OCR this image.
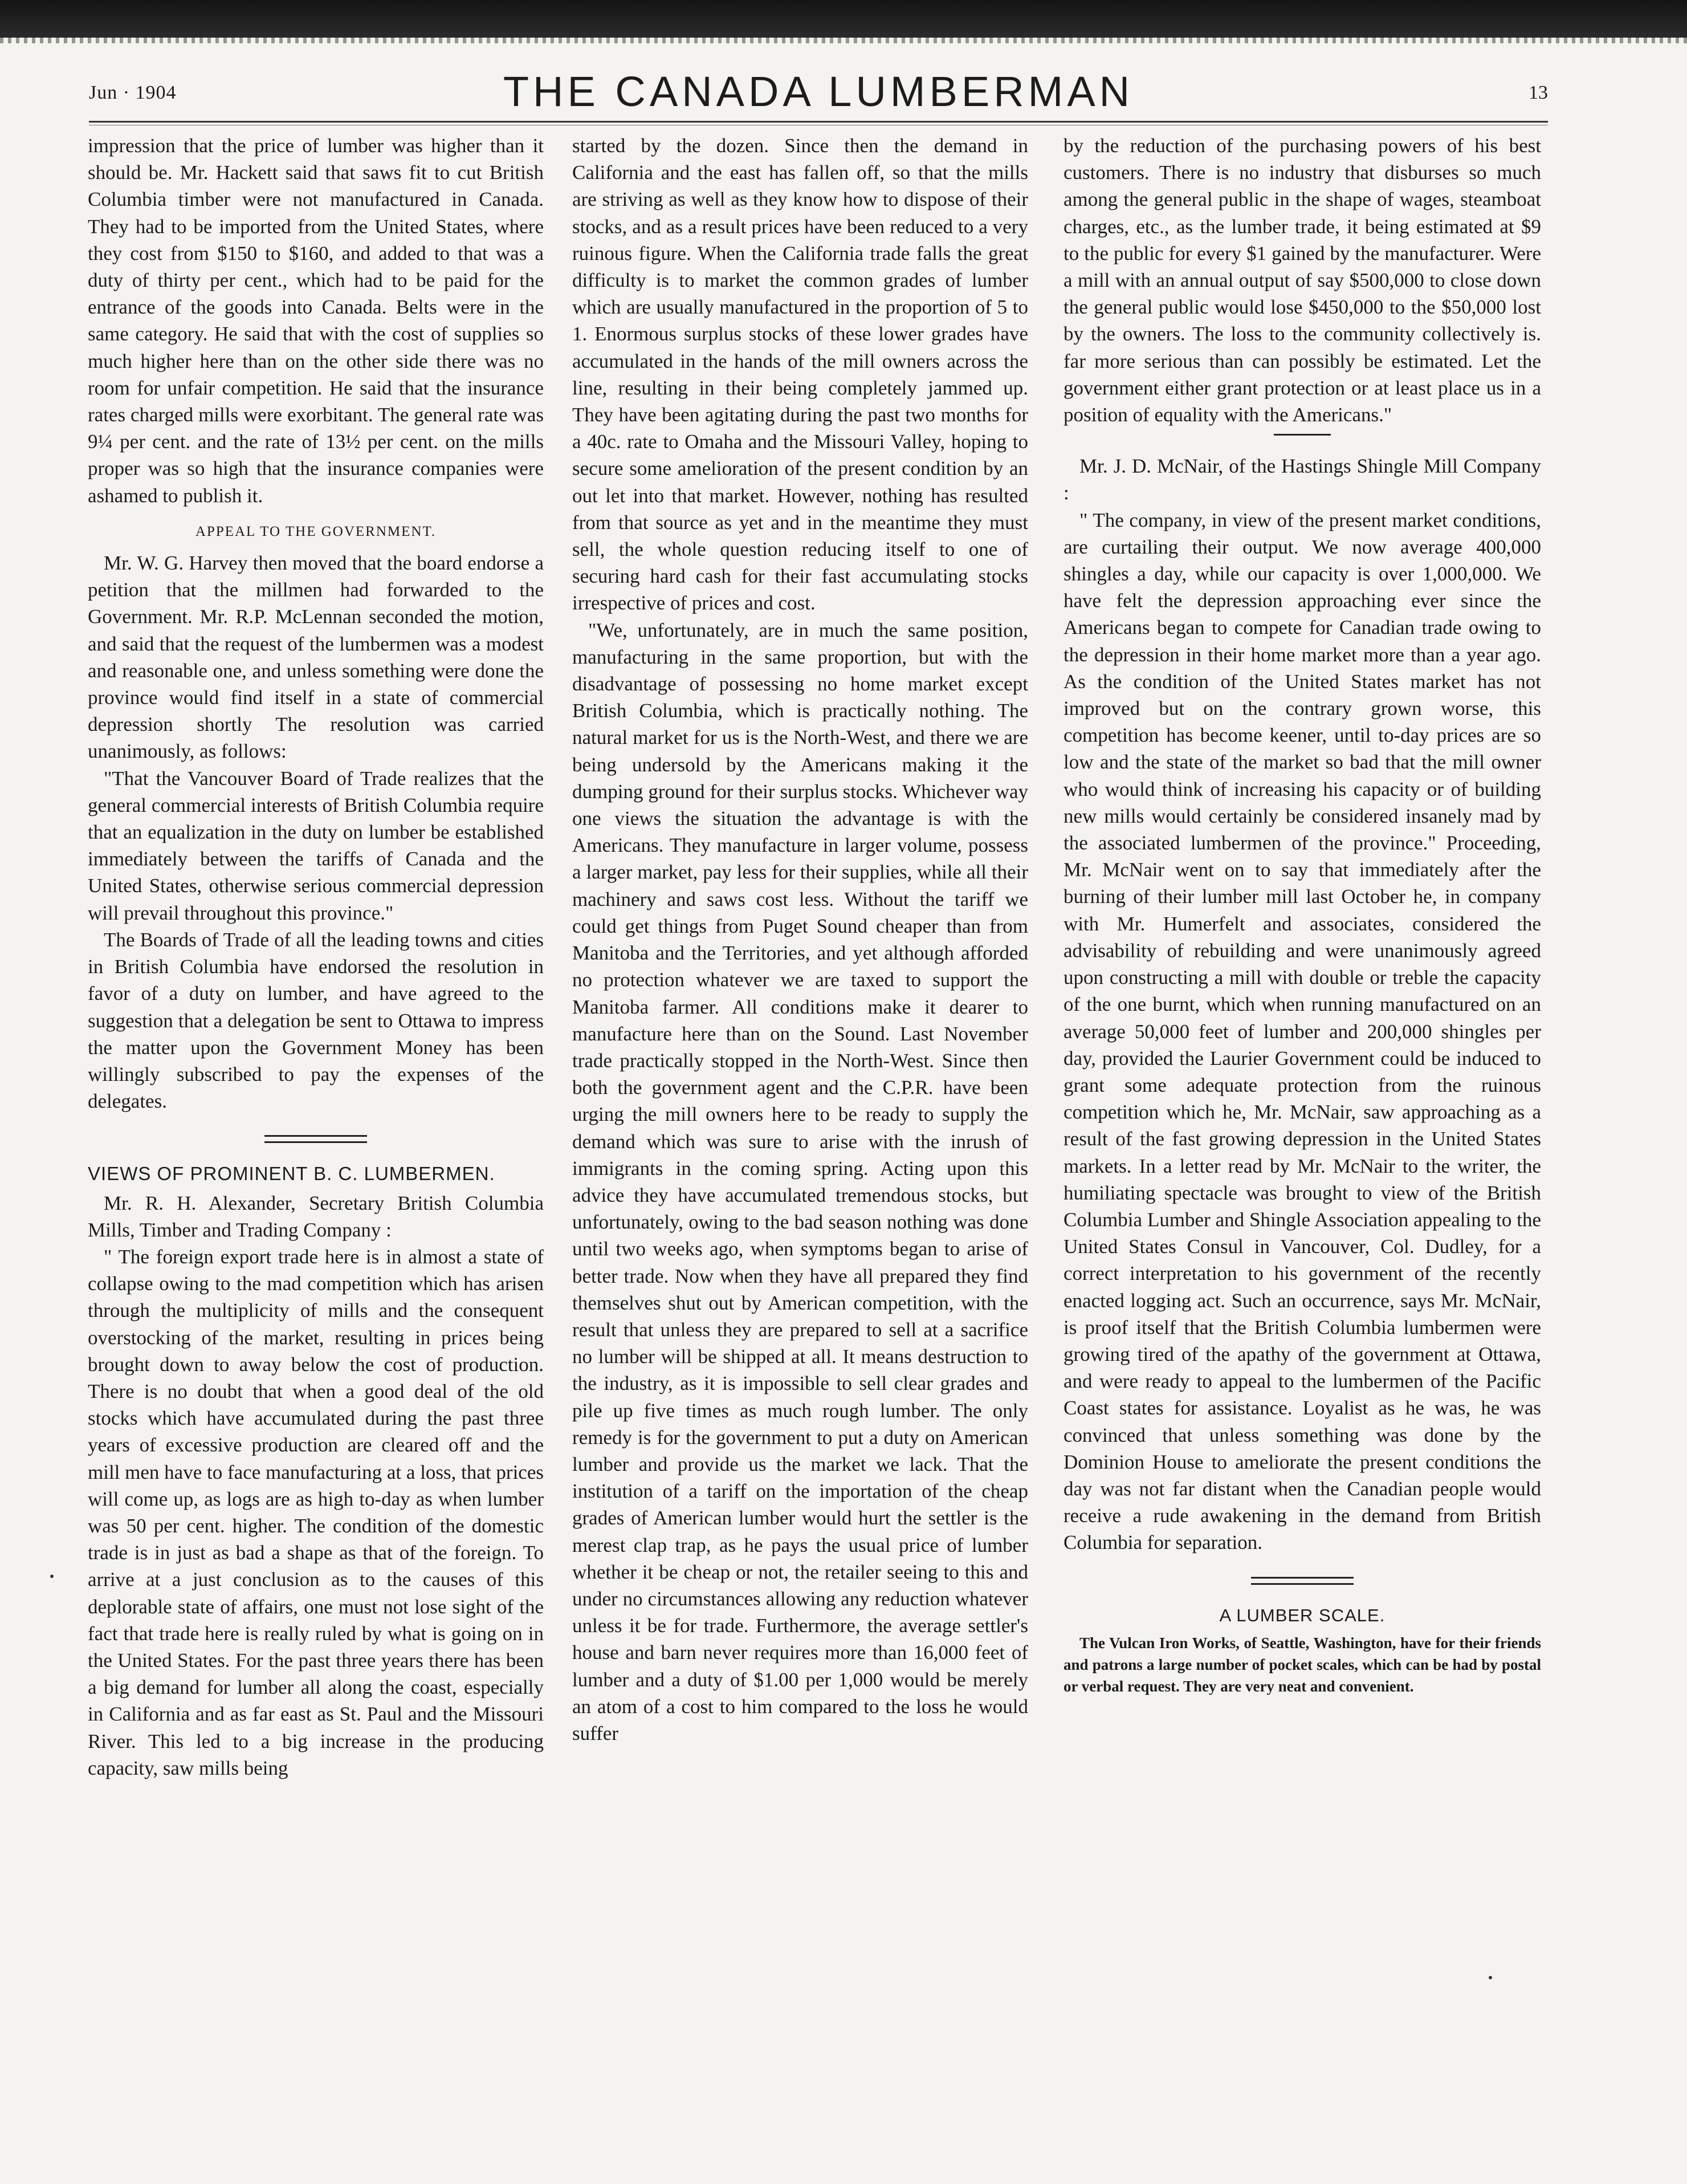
Jun · 1904	THE CANADA LUMBERMAN	13

impression that the price of lumber was higher than it should be. Mr. Hackett said that saws fit to cut British Columbia timber were not manufactured in Canada. They had to be imported from the United States, where they cost from $150 to $160, and added to that was a duty of thirty per cent., which had to be paid for the entrance of the goods into Canada. Belts were in the same category. He said that with the cost of supplies so much higher here than on the other side there was no room for unfair competition. He said that the insurance rates charged mills were exorbitant. The general rate was 9¼ per cent. and the rate of 13½ per cent. on the mills proper was so high that the insurance companies were ashamed to publish it.

APPEAL TO THE GOVERNMENT.

Mr. W. G. Harvey then moved that the board endorse a petition that the millmen had forwarded to the Government. Mr. R.P. McLennan seconded the motion, and said that the request of the lumbermen was a modest and reasonable one, and unless something were done the province would find itself in a state of commercial depression shortly The resolution was carried unanimously, as follows:

"That the Vancouver Board of Trade realizes that the general commercial interests of British Columbia require that an equalization in the duty on lumber be established immediately between the tariffs of Canada and the United States, otherwise serious commercial depression will prevail throughout this province."

The Boards of Trade of all the leading towns and cities in British Columbia have endorsed the resolution in favor of a duty on lumber, and have agreed to the suggestion that a delegation be sent to Ottawa to impress the matter upon the Government Money has been willingly subscribed to pay the expenses of the delegates.

VIEWS OF PROMINENT B. C. LUMBERMEN.

Mr. R. H. Alexander, Secretary British Columbia Mills, Timber and Trading Company :

" The foreign export trade here is in almost a state of collapse owing to the mad competition which has arisen through the multiplicity of mills and the consequent overstocking of the market, resulting in prices being brought down to away below the cost of production. There is no doubt that when a good deal of the old stocks which have accumulated during the past three years of excessive production are cleared off and the mill men have to face manufacturing at a loss, that prices will come up, as logs are as high to-day as when lumber was 50 per cent. higher. The condition of the domestic trade is in just as bad a shape as that of the foreign. To arrive at a just conclusion as to the causes of this deplorable state of affairs, one must not lose sight of the fact that trade here is really ruled by what is going on in the United States. For the past three years there has been a big demand for lumber all along the coast, especially in California and as far east as St. Paul and the Missouri River. This led to a big increase in the producing capacity, saw mills being

started by the dozen. Since then the demand in California and the east has fallen off, so that the mills are striving as well as they know how to dispose of their stocks, and as a result prices have been reduced to a very ruinous figure. When the California trade falls the great difficulty is to market the common grades of lumber which are usually manufactured in the proportion of 5 to 1. Enormous surplus stocks of these lower grades have accumulated in the hands of the mill owners across the line, resulting in their being completely jammed up. They have been agitating during the past two months for a 40c. rate to Omaha and the Missouri Valley, hoping to secure some amelioration of the present condition by an out let into that market. However, nothing has resulted from that source as yet and in the meantime they must sell, the whole question reducing itself to one of securing hard cash for their fast accumulating stocks irrespective of prices and cost.

"We, unfortunately, are in much the same position, manufacturing in the same proportion, but with the disadvantage of possessing no home market except British Columbia, which is practically nothing. The natural market for us is the North-West, and there we are being undersold by the Americans making it the dumping ground for their surplus stocks. Whichever way one views the situation the advantage is with the Americans. They manufacture in larger volume, possess a larger market, pay less for their supplies, while all their machinery and saws cost less. Without the tariff we could get things from Puget Sound cheaper than from Manitoba and the Territories, and yet although afforded no protection whatever we are taxed to support the Manitoba farmer. All conditions make it dearer to manufacture here than on the Sound. Last November trade practically stopped in the North-West. Since then both the government agent and the C.P.R. have been urging the mill owners here to be ready to supply the demand which was sure to arise with the inrush of immigrants in the coming spring. Acting upon this advice they have accumulated tremendous stocks, but unfortunately, owing to the bad season nothing was done until two weeks ago, when symptoms began to arise of better trade. Now when they have all prepared they find themselves shut out by American competition, with the result that unless they are prepared to sell at a sacrifice no lumber will be shipped at all. It means destruction to the industry, as it is impossible to sell clear grades and pile up five times as much rough lumber. The only remedy is for the government to put a duty on American lumber and provide us the market we lack. That the institution of a tariff on the importation of the cheap grades of American lumber would hurt the settler is the merest clap trap, as he pays the usual price of lumber whether it be cheap or not, the retailer seeing to this and under no circumstances allowing any reduction whatever unless it be for trade. Furthermore, the average settler's house and barn never requires more than 16,000 feet of lumber and a duty of $1.00 per 1,000 would be merely an atom of a cost to him compared to the loss he would suffer

by the reduction of the purchasing powers of his best customers. There is no industry that disburses so much among the general public in the shape of wages, steamboat charges, etc., as the lumber trade, it being estimated at $9 to the public for every $1 gained by the manufacturer. Were a mill with an annual output of say $500,000 to close down the general public would lose $450,000 to the $50,000 lost by the owners. The loss to the community collectively is. far more serious than can possibly be estimated. Let the government either grant protection or at least place us in a position of equality with the Americans."

Mr. J. D. McNair, of the Hastings Shingle Mill Company :

" The company, in view of the present market conditions, are curtailing their output. We now average 400,000 shingles a day, while our capacity is over 1,000,000. We have felt the depression approaching ever since the Americans began to compete for Canadian trade owing to the depression in their home market more than a year ago. As the condition of the United States market has not improved but on the contrary grown worse, this competition has become keener, until to-day prices are so low and the state of the market so bad that the mill owner who would think of increasing his capacity or of building new mills would certainly be considered insanely mad by the associated lumbermen of the province." Proceeding, Mr. McNair went on to say that immediately after the burning of their lumber mill last October he, in company with Mr. Humerfelt and associates, considered the advisability of rebuilding and were unanimously agreed upon constructing a mill with double or treble the capacity of the one burnt, which when running manufactured on an average 50,000 feet of lumber and 200,000 shingles per day, provided the Laurier Government could be induced to grant some adequate protection from the ruinous competition which he, Mr. McNair, saw approaching as a result of the fast growing depression in the United States markets. In a letter read by Mr. McNair to the writer, the humiliating spectacle was brought to view of the British Columbia Lumber and Shingle Association appealing to the United States Consul in Vancouver, Col. Dudley, for a correct interpretation to his government of the recently enacted logging act. Such an occurrence, says Mr. McNair, is proof itself that the British Columbia lumbermen were growing tired of the apathy of the government at Ottawa, and were ready to appeal to the lumbermen of the Pacific Coast states for assistance. Loyalist as he was, he was convinced that unless something was done by the Dominion House to ameliorate the present conditions the day was not far distant when the Canadian people would receive a rude awakening in the demand from British Columbia for separation.

A LUMBER SCALE.

The Vulcan Iron Works, of Seattle, Washington, have for their friends and patrons a large number of pocket scales, which can be had by postal or verbal request. They are very neat and convenient.
